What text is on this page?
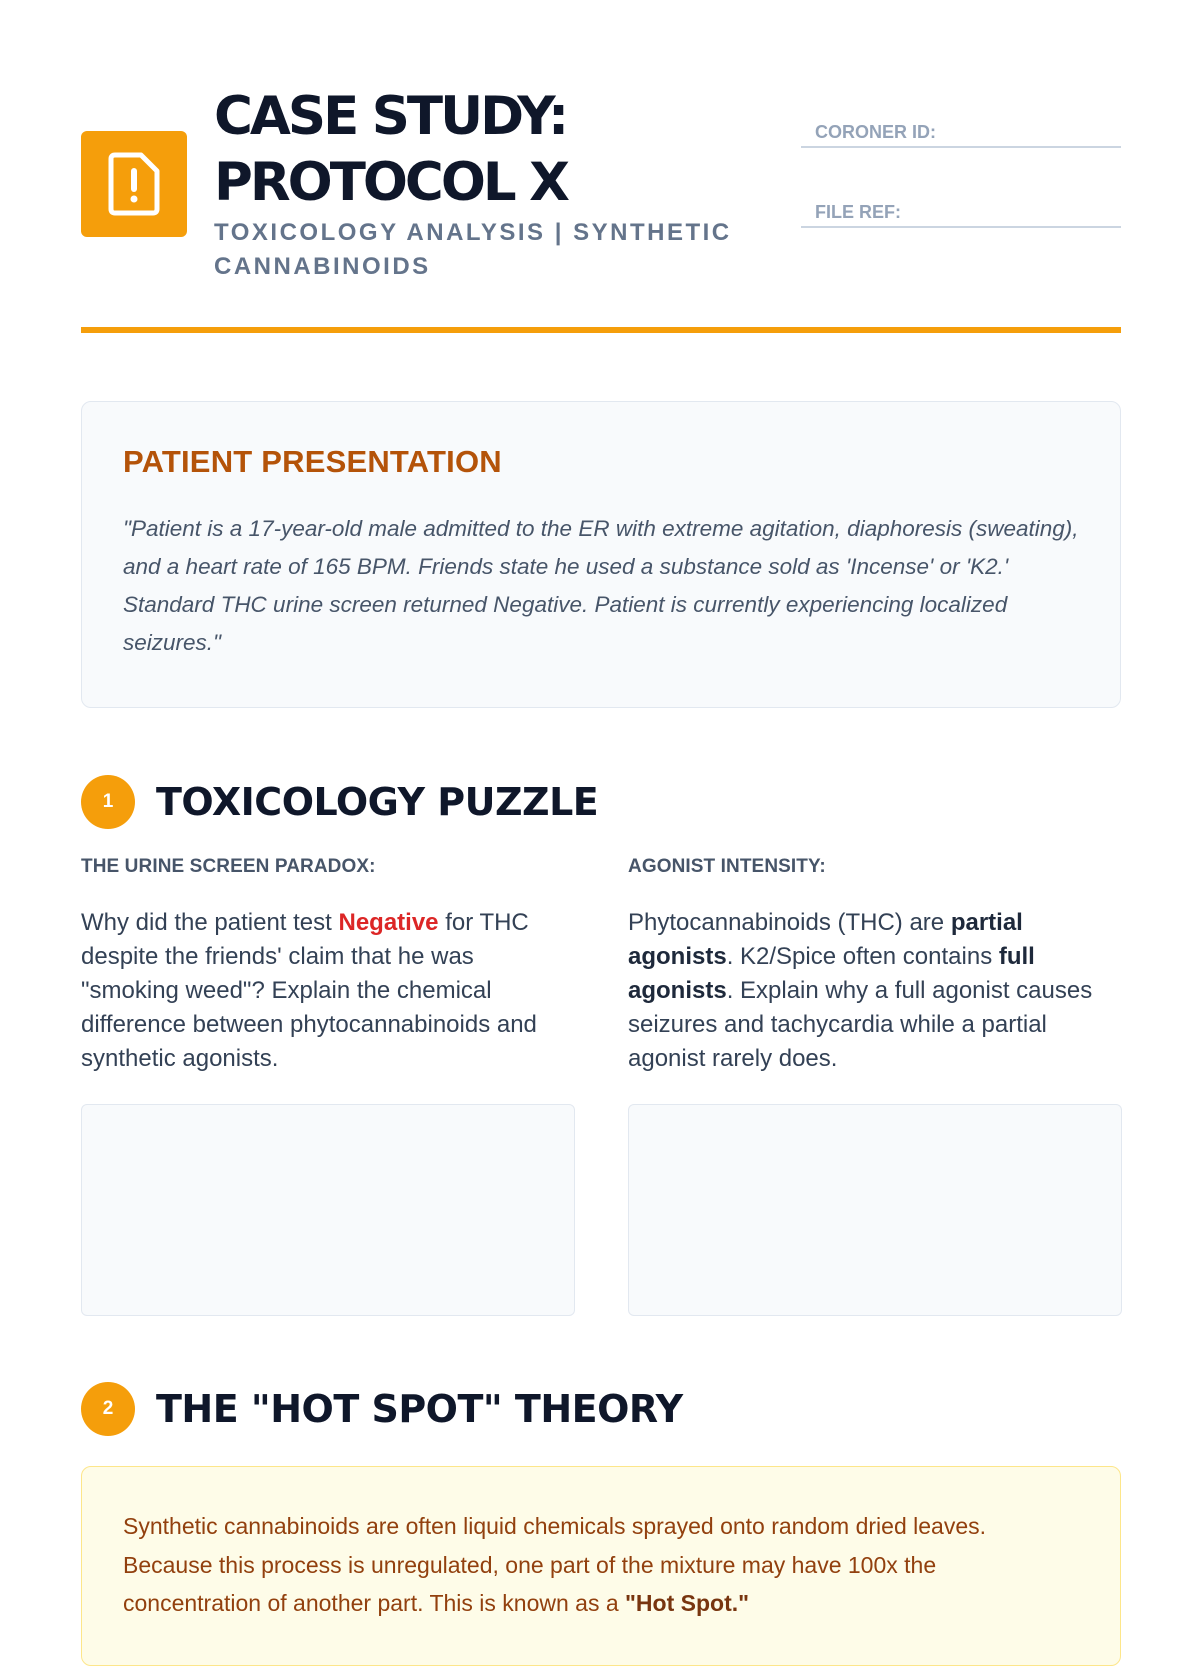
CASE STUDY:
PROTOCOL X
TOXICOLOGY ANALYSIS | SYNTHETIC CANNABINOIDS
CORONER ID:
FILE REF:
PATIENT PRESENTATION

"Patient is a 17-year-old male admitted to the ER with extreme agitation, diaphoresis (sweating), and a heart rate of 165 BPM. Friends state he used a substance sold as 'Incense' or 'K2.' Standard THC urine screen returned Negative. Patient is currently experiencing localized seizures."

1	TOXICOLOGY PUZZLE
THE URINE SCREEN PARADOX:

Why did the patient test Negative for THC despite the friends' claim that he was "smoking weed"? Explain the chemical difference between phytocannabinoids and synthetic agonists.

AGONIST INTENSITY:

Phytocannabinoids (THC) are partial agonists. K2/Spice often contains full agonists. Explain why a full agonist causes seizures and tachycardia while a partial agonist rarely does.

2	THE "HOT SPOT" THEORY

Synthetic cannabinoids are often liquid chemicals sprayed onto random dried leaves. Because this process is unregulated, one part of the mixture may have 100x the concentration of another part. This is known as a "Hot Spot."
